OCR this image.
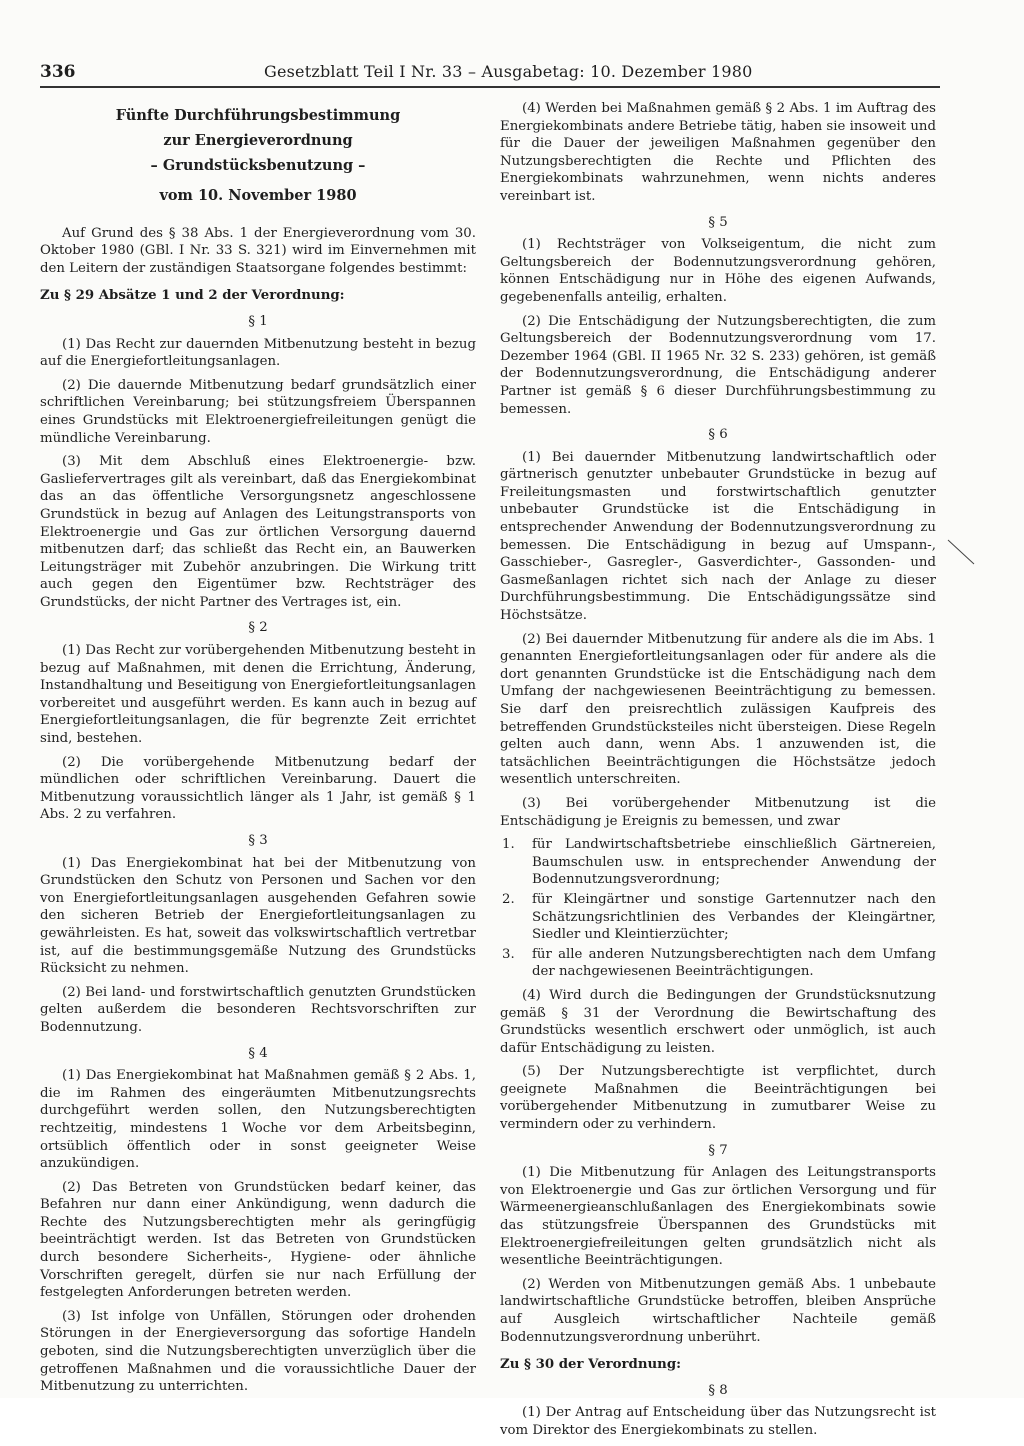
336	Gesetzblatt Teil I Nr. 33 – Ausgabetag: 10. Dezember 1980
Fünfte Durchführungsbestimmung
zur Energieverordnung
– Grundstücksbenutzung –
vom 10. November 1980

Auf Grund des § 38 Abs. 1 der Energieverordnung vom 30. Oktober 1980 (GBl. I Nr. 33 S. 321) wird im Einvernehmen mit den Leitern der zuständigen Staatsorgane folgendes bestimmt:

Zu § 29 Absätze 1 und 2 der Verordnung:
§ 1

(1) Das Recht zur dauernden Mitbenutzung besteht in bezug auf die Energiefortleitungsanlagen.

(2) Die dauernde Mitbenutzung bedarf grundsätzlich einer schriftlichen Vereinbarung; bei stützungsfreiem Überspannen eines Grundstücks mit Elektroenergiefreileitungen genügt die mündliche Vereinbarung.

(3) Mit dem Abschluß eines Elektroenergie- bzw. Gasliefervertrages gilt als vereinbart, daß das Energiekombinat das an das öffentliche Versorgungsnetz angeschlossene Grundstück in bezug auf Anlagen des Leitungstransports von Elektroenergie und Gas zur örtlichen Versorgung dauernd mitbenutzen darf; das schließt das Recht ein, an Bauwerken Leitungsträger mit Zubehör anzubringen. Die Wirkung tritt auch gegen den Eigentümer bzw. Rechtsträger des Grundstücks, der nicht Partner des Vertrages ist, ein.

§ 2

(1) Das Recht zur vorübergehenden Mitbenutzung besteht in bezug auf Maßnahmen, mit denen die Errichtung, Änderung, Instandhaltung und Beseitigung von Energiefortleitungsanlagen vorbereitet und ausgeführt werden. Es kann auch in bezug auf Energiefortleitungsanlagen, die für begrenzte Zeit errichtet sind, bestehen.

(2) Die vorübergehende Mitbenutzung bedarf der mündlichen oder schriftlichen Vereinbarung. Dauert die Mitbenutzung voraussichtlich länger als 1 Jahr, ist gemäß § 1 Abs. 2 zu verfahren.

§ 3

(1) Das Energiekombinat hat bei der Mitbenutzung von Grundstücken den Schutz von Personen und Sachen vor den von Energiefortleitungsanlagen ausgehenden Gefahren sowie den sicheren Betrieb der Energiefortleitungsanlagen zu gewährleisten. Es hat, soweit das volkswirtschaftlich vertretbar ist, auf die bestimmungsgemäße Nutzung des Grundstücks Rücksicht zu nehmen.

(2) Bei land- und forstwirtschaftlich genutzten Grundstücken gelten außerdem die besonderen Rechtsvorschriften zur Bodennutzung.

§ 4

(1) Das Energiekombinat hat Maßnahmen gemäß § 2 Abs. 1, die im Rahmen des eingeräumten Mitbenutzungsrechts durchgeführt werden sollen, den Nutzungsberechtigten rechtzeitig, mindestens 1 Woche vor dem Arbeitsbeginn, ortsüblich öffentlich oder in sonst geeigneter Weise anzukündigen.

(2) Das Betreten von Grundstücken bedarf keiner, das Befahren nur dann einer Ankündigung, wenn dadurch die Rechte des Nutzungsberechtigten mehr als geringfügig beeinträchtigt werden. Ist das Betreten von Grundstücken durch besondere Sicherheits-, Hygiene- oder ähnliche Vorschriften geregelt, dürfen sie nur nach Erfüllung der festgelegten Anforderungen betreten werden.

(3) Ist infolge von Unfällen, Störungen oder drohenden Störungen in der Energieversorgung das sofortige Handeln geboten, sind die Nutzungsberechtigten unverzüglich über die getroffenen Maßnahmen und die voraussichtliche Dauer der Mitbenutzung zu unterrichten.

(4) Werden bei Maßnahmen gemäß § 2 Abs. 1 im Auftrag des Energiekombinats andere Betriebe tätig, haben sie insoweit und für die Dauer der jeweiligen Maßnahmen gegenüber den Nutzungsberechtigten die Rechte und Pflichten des Energiekombinats wahrzunehmen, wenn nichts anderes vereinbart ist.

§ 5

(1) Rechtsträger von Volkseigentum, die nicht zum Geltungsbereich der Bodennutzungsverordnung gehören, können Entschädigung nur in Höhe des eigenen Aufwands, gegebenenfalls anteilig, erhalten.

(2) Die Entschädigung der Nutzungsberechtigten, die zum Geltungsbereich der Bodennutzungsverordnung vom 17. Dezember 1964 (GBl. II 1965 Nr. 32 S. 233) gehören, ist gemäß der Bodennutzungsverordnung, die Entschädigung anderer Partner ist gemäß § 6 dieser Durchführungsbestimmung zu bemessen.

§ 6

(1) Bei dauernder Mitbenutzung landwirtschaftlich oder gärtnerisch genutzter unbebauter Grundstücke in bezug auf Freileitungsmasten und forstwirtschaftlich genutzter unbebauter Grundstücke ist die Entschädigung in entsprechender Anwendung der Bodennutzungsverordnung zu bemessen. Die Entschädigung in bezug auf Umspann-, Gasschieber-, Gasregler-, Gasverdichter-, Gassonden- und Gasmeßanlagen richtet sich nach der Anlage zu dieser Durchführungsbestimmung. Die Entschädigungssätze sind Höchstsätze.

(2) Bei dauernder Mitbenutzung für andere als die im Abs. 1 genannten Energiefortleitungsanlagen oder für andere als die dort genannten Grundstücke ist die Entschädigung nach dem Umfang der nachgewiesenen Beeinträchtigung zu bemessen. Sie darf den preisrechtlich zulässigen Kaufpreis des betreffenden Grundstücksteiles nicht übersteigen. Diese Regeln gelten auch dann, wenn Abs. 1 anzuwenden ist, die tatsächlichen Beeinträchtigungen die Höchstsätze jedoch wesentlich unterschreiten.

(3) Bei vorübergehender Mitbenutzung ist die Entschädigung je Ereignis zu bemessen, und zwar

1. für Landwirtschaftsbetriebe einschließlich Gärtnereien, Baumschulen usw. in entsprechender Anwendung der Bodennutzungsverordnung;
2. für Kleingärtner und sonstige Gartennutzer nach den Schätzungsrichtlinien des Verbandes der Kleingärtner, Siedler und Kleintierzüchter;
3. für alle anderen Nutzungsberechtigten nach dem Umfang der nachgewiesenen Beeinträchtigungen.

(4) Wird durch die Bedingungen der Grundstücksnutzung gemäß § 31 der Verordnung die Bewirtschaftung des Grundstücks wesentlich erschwert oder unmöglich, ist auch dafür Entschädigung zu leisten.

(5) Der Nutzungsberechtigte ist verpflichtet, durch geeignete Maßnahmen die Beeinträchtigungen bei vorübergehender Mitbenutzung in zumutbarer Weise zu vermindern oder zu verhindern.

§ 7

(1) Die Mitbenutzung für Anlagen des Leitungstransports von Elektroenergie und Gas zur örtlichen Versorgung und für Wärmeenergieanschlußanlagen des Energiekombinats sowie das stützungsfreie Überspannen des Grundstücks mit Elektroenergiefreileitungen gelten grundsätzlich nicht als wesentliche Beeinträchtigungen.

(2) Werden von Mitbenutzungen gemäß Abs. 1 unbebaute landwirtschaftliche Grundstücke betroffen, bleiben Ansprüche auf Ausgleich wirtschaftlicher Nachteile gemäß Bodennutzungsverordnung unberührt.

Zu § 30 der Verordnung:
§ 8

(1) Der Antrag auf Entscheidung über das Nutzungsrecht ist vom Direktor des Energiekombinats zu stellen.
